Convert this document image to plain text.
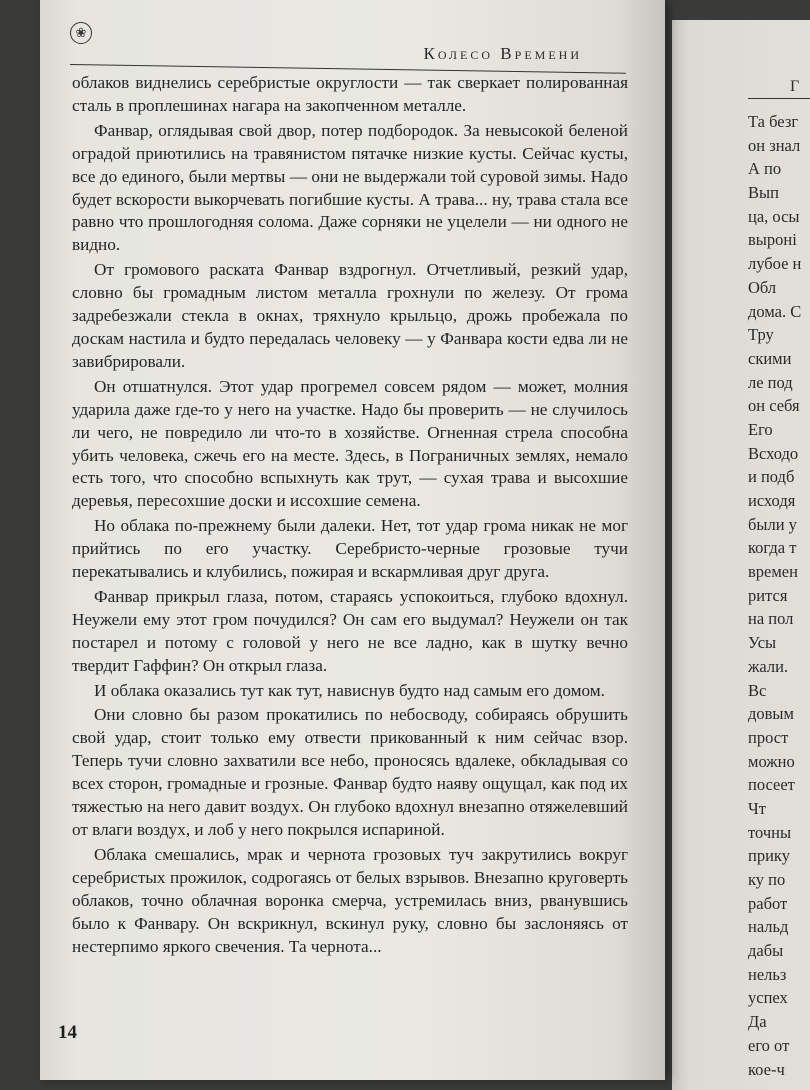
Г
Та безг
он знал
А по
Вып
ца, осы
выронi
лубое н
Обл
дома. С
Тру
скими
ле под
он себя
Его
Всходо
и подб
исходя
были у
когда т
времен
рится
на пол
Усы
жали.
Вс
довым
прост
можно
посеет
Чт
точны
прику
ку по
работ
нальд
дабы
нельз
успех
Да
его от
кое-ч
❀
Колесо Времени

облаков виднелись серебристые округлости — так сверкает полированная сталь в проплешинах нагара на закопченном металле.

Фанвар, оглядывая свой двор, потер подбородок. За невысокой беленой оградой приютились на травянистом пятачке низкие кусты. Сейчас кусты, все до единого, были мертвы — они не выдержали той суровой зимы. Надо будет вскорости выкорчевать погибшие кусты. А трава... ну, трава стала все равно что прошлогодняя солома. Даже сорняки не уцелели — ни одного не видно.

От громового раската Фанвар вздрогнул. Отчетливый, резкий удар, словно бы громадным листом металла грохнули по железу. От грома задребезжали стекла в окнах, тряхнуло крыльцо, дрожь пробежала по доскам настила и будто передалась человеку — у Фанвара кости едва ли не завибрировали.

Он отшатнулся. Этот удар прогремел совсем рядом — может, молния ударила даже где-то у него на участке. Надо бы проверить — не случилось ли чего, не повредило ли что-то в хозяйстве. Огненная стрела способна убить человека, сжечь его на месте. Здесь, в Пограничных землях, немало есть того, что способно вспыхнуть как трут, — сухая трава и высохшие деревья, пересохшие доски и иссохшие семена.

Но облака по-прежнему были далеки. Нет, тот удар грома никак не мог прийтись по его участку. Серебристо-черные грозовые тучи перекатывались и клубились, пожирая и вскармливая друг друга.

Фанвар прикрыл глаза, потом, стараясь успокоиться, глубоко вдохнул. Неужели ему этот гром почудился? Он сам его выдумал? Неужели он так постарел и потому с головой у него не все ладно, как в шутку вечно твердит Гаффин? Он открыл глаза.

И облака оказались тут как тут, нависнув будто над самым его домом.

Они словно бы разом прокатились по небосводу, собираясь обрушить свой удар, стоит только ему отвести прикованный к ним сейчас взор. Теперь тучи словно захватили все небо, проносясь вдалеке, обкладывая со всех сторон, громадные и грозные. Фанвар будто наяву ощущал, как под их тяжестью на него давит воздух. Он глубоко вдохнул внезапно отяжелевший от влаги воздух, и лоб у него покрылся испариной.

Облака смешались, мрак и чернота грозовых туч закрутились вокруг серебристых прожилок, содрогаясь от белых взрывов. Внезапно круговерть облаков, точно облачная воронка смерча, устремилась вниз, рванувшись было к Фанвару. Он вскрикнул, вскинул руку, словно бы заслоняясь от нестерпимо яркого свечения. Та чернота...

14
